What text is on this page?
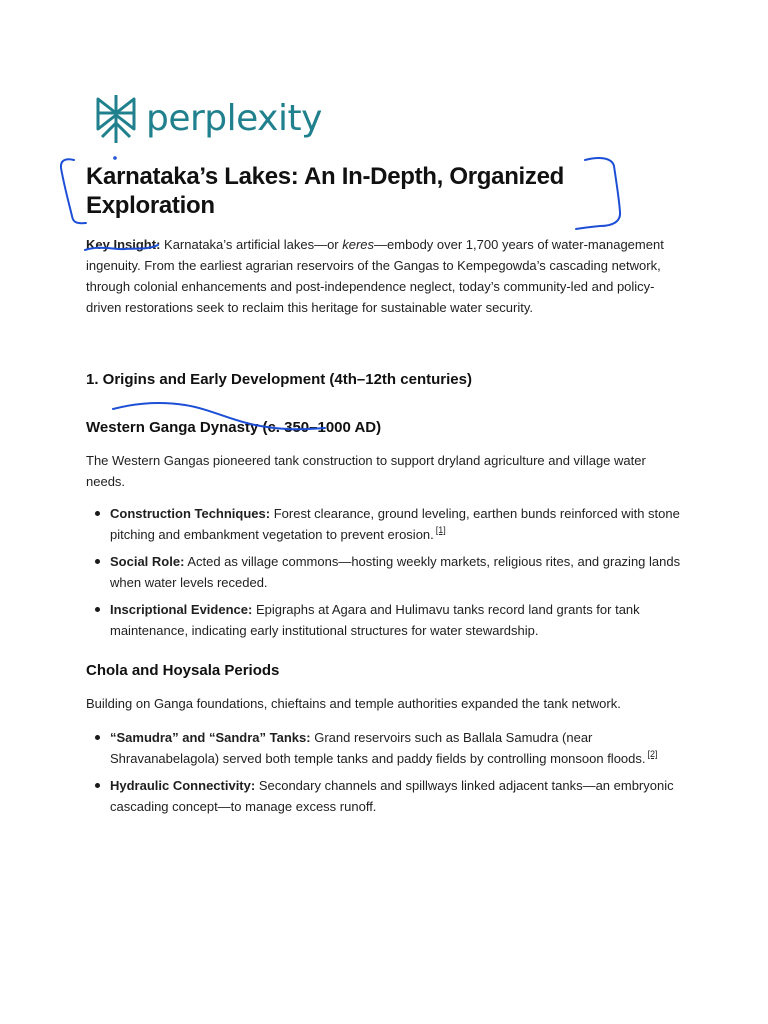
perplexity
Karnataka’s Lakes: An In-Depth, Organized Exploration

Key Insight: Karnataka’s artificial lakes—or keres—embody over 1,700 years of water-management ingenuity. From the earliest agrarian reservoirs of the Gangas to Kempegowda’s cascading network, through colonial enhancements and post-independence neglect, today’s community-led and policy-driven restorations seek to reclaim this heritage for sustainable water security.

1. Origins and Early Development (4th–12th centuries)
Western Ganga Dynasty (c. 350–1000 AD)

The Western Gangas pioneered tank construction to support dryland agriculture and village water needs.

Construction Techniques: Forest clearance, ground leveling, earthen bunds reinforced with stone pitching and embankment vegetation to prevent erosion. [1]
Social Role: Acted as village commons—hosting weekly markets, religious rites, and grazing lands when water levels receded.
Inscriptional Evidence: Epigraphs at Agara and Hulimavu tanks record land grants for tank maintenance, indicating early institutional structures for water stewardship.
Chola and Hoysala Periods

Building on Ganga foundations, chieftains and temple authorities expanded the tank network.

“Samudra” and “Sandra” Tanks: Grand reservoirs such as Ballala Samudra (near Shravanabelagola) served both temple tanks and paddy fields by controlling monsoon floods. [2]
Hydraulic Connectivity: Secondary channels and spillways linked adjacent tanks—an embryonic cascading concept—to manage excess runoff.
